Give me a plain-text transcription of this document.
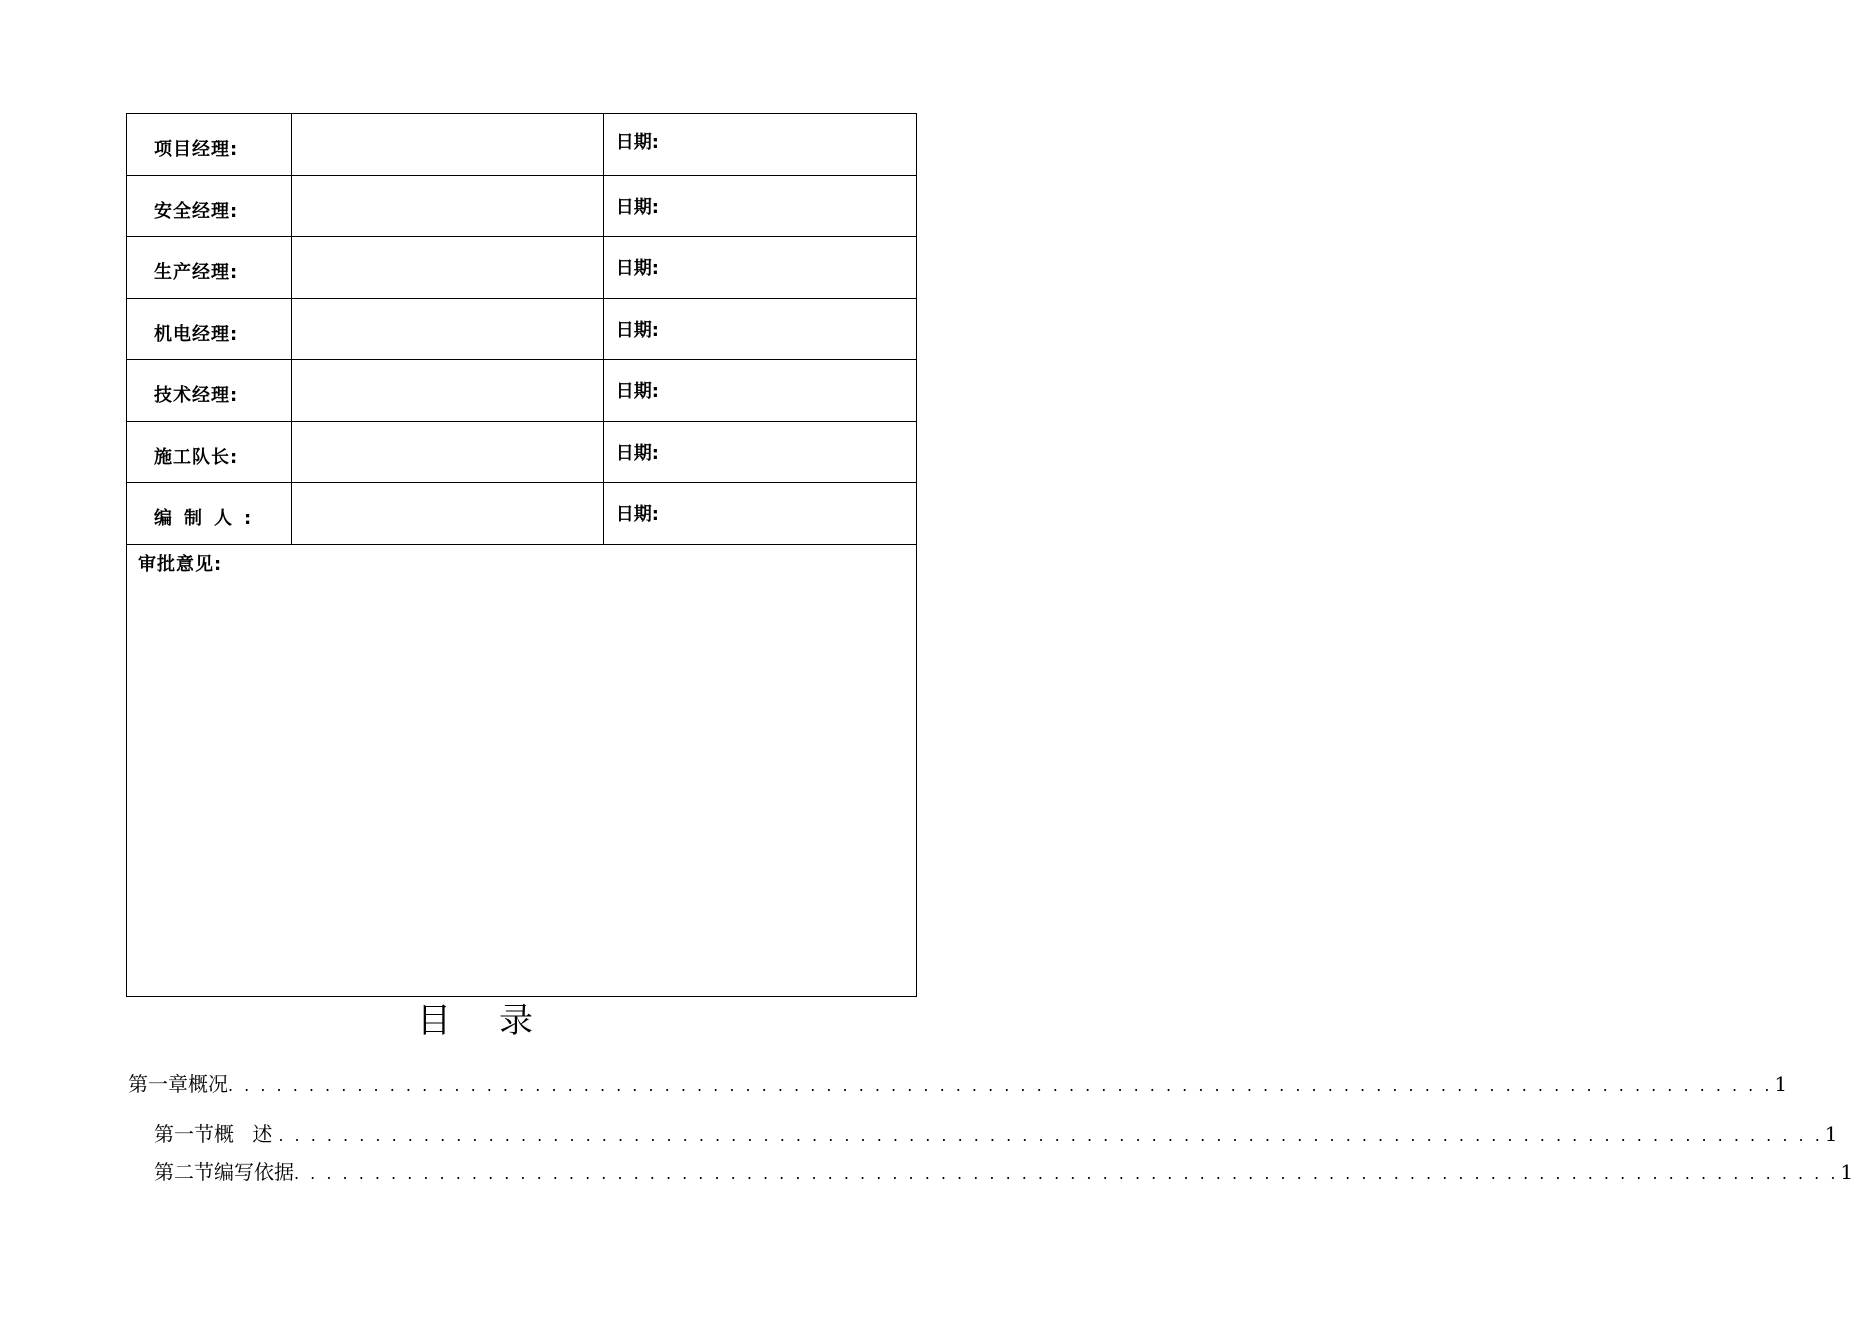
项目经理:		日期:
安全经理:		日期:
生产经理:		日期:
机电经理:		日期:
技术经理:		日期:
施工队长:		日期:
编制人:		日期:

审批意见:		
目录
第一章 概况 . . . . . . . . . . . . . . . . . . . . . . . . . . . . . . . . . . . . . . . . . . . . . . . . . . . . . . . . . . . . . . . . . . . . . . . . . . . . . . . . . . . . . . . . . . . . . . . . 1
第一节 概 述 . . . . . . . . . . . . . . . . . . . . . . . . . . . . . . . . . . . . . . . . . . . . . . . . . . . . . . . . . . . . . . . . . . . . . . . . . . . . . . . . . . . . . . . . . . . . . . . . 1
第二节 编写依据 . . . . . . . . . . . . . . . . . . . . . . . . . . . . . . . . . . . . . . . . . . . . . . . . . . . . . . . . . . . . . . . . . . . . . . . . . . . . . . . . . . . . . . . . . . . . . . . . 1
